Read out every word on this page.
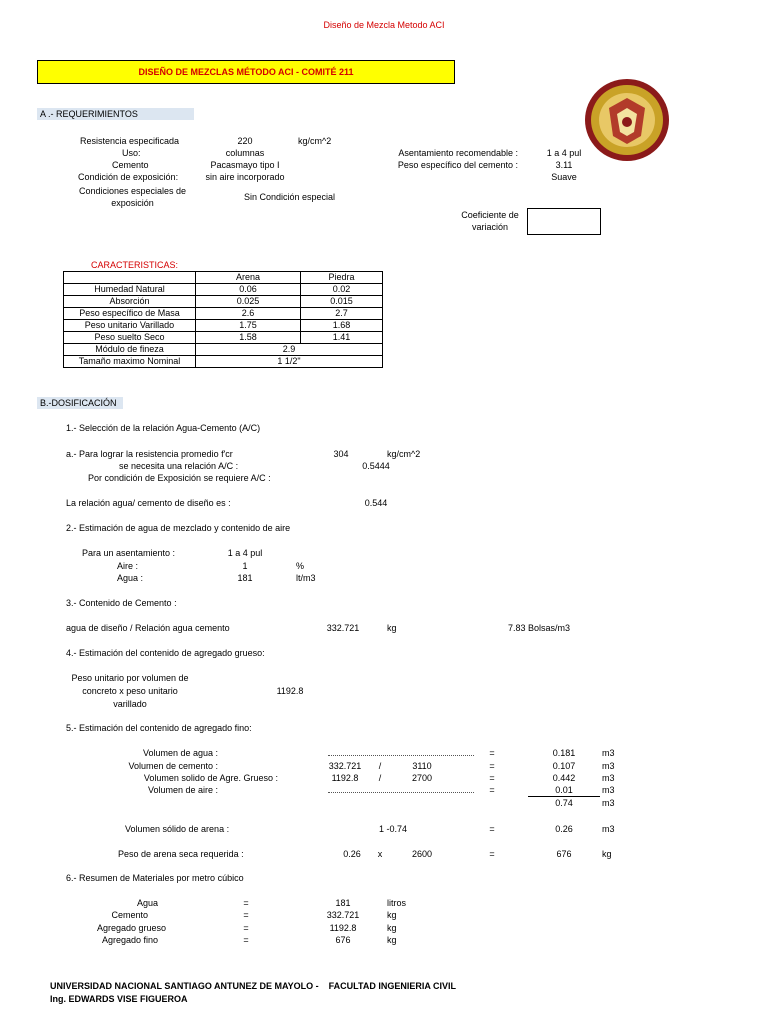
Diseño de Mezcla Metodo ACI
DISEÑO DE MEZCLAS MÉTODO ACI - COMITÉ 211
A .- REQUERIMIENTOS
Resistencia especificada	220	kg/cm^2
Uso:	columnas
Cemento	Pacasmayo tipo I
Condición de exposición:	sin aire incorporado
Condiciones especiales de
exposición
Sin Condición especial
Asentamiento recomendable :	1 a 4 pul
Peso específico del cemento :	3.11
Suave
Coeficiente de
variación
CARACTERISTICAS:
	Arena	Piedra
Humedad Natural	0.06	0.02
Absorción	0.025	0.015
Peso específico de Masa	2.6	2.7
Peso unitario Varillado	1.75	1.68
Peso suelto Seco	1.58	1.41
Módulo de fineza	2.9	
Tamaño maximo Nominal	1 1/2"	
B.-DOSIFICACIÓN
1.- Selección de la relación Agua-Cemento (A/C)
a.- Para lograr la resistencia promedio f'cr	304	kg/cm^2
se necesita una relación A/C :	0.5444
Por condición de Exposición se requiere A/C :
La relación agua/ cemento de diseño es :	0.544
2.- Estimación de agua de mezclado y contenido de aire
Para un asentamiento :	1 a 4 pul
Aire :	1	%
Agua :	181	lt/m3
3.- Contenido de Cemento :
agua de diseño / Relación agua cemento	332.721	kg	7.83 Bolsas/m3
4.- Estimación del contenido de agregado grueso:
Peso unitario por volumen de
concreto x peso unitario
varillado
1192.8
5.- Estimación del contenido de agregado fino:
Volumen de agua :	=	0.181	m3
Volumen de cemento :	332.721	/	3110	=	0.107	m3
Volumen solido de Agre. Grueso :	1192.8	/	2700	=	0.442	m3
Volumen de aire :	=	0.01	m3
0.74	m3
Volumen sólido de arena :	1 -0.74	=	0.26	m3
Peso de arena seca requerida :	0.26	x	2600	=	676	kg
6.- Resumen de Materiales por metro cúbico
Agua	=	181	litros
Cemento	=	332.721	kg
Agregado grueso	=	1192.8	kg
Agregado fino	=	676	kg
UNIVERSIDAD NACIONAL SANTIAGO ANTUNEZ DE MAYOLO -    FACULTAD INGENIERIA CIVIL
Ing. EDWARDS VISE FIGUEROA
